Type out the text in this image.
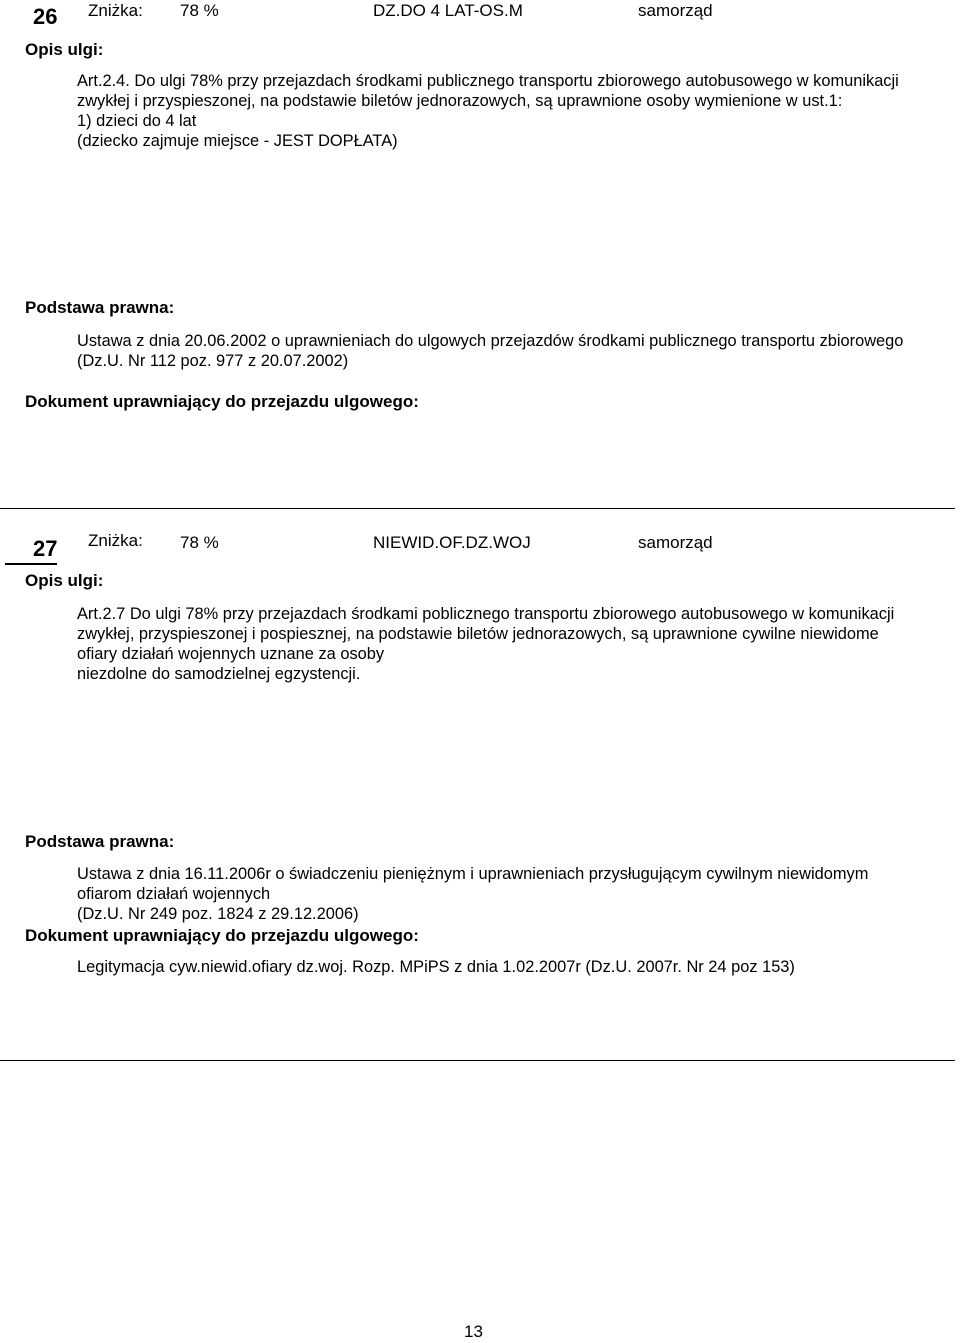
26 Zniżka: 78 %	DZ.DO 4 LAT-OS.M	samorząd
Opis ulgi:
Art.2.4. Do ulgi 78% przy przejazdach środkami publicznego transportu zbiorowego autobusowego w komunikacji
zwykłej i przyspieszonej, na podstawie biletów jednorazowych, są uprawnione osoby wymienione w ust.1:
1) dzieci do 4 lat
(dziecko zajmuje miejsce - JEST DOPŁATA)
Podstawa prawna:
Ustawa z dnia 20.06.2002 o uprawnieniach do ulgowych przejazdów środkami publicznego transportu zbiorowego
(Dz.U. Nr 112 poz. 977 z 20.07.2002)
Dokument uprawniający do przejazdu ulgowego:
27 Zniżka: 78 %	NIEWID.OF.DZ.WOJ	samorząd
Opis ulgi:
Art.2.7 Do ulgi 78% przy przejazdach środkami poblicznego transportu zbiorowego autobusowego w komunikacji
zwykłej, przyspieszonej i pospiesznej, na podstawie biletów jednorazowych, są uprawnione cywilne niewidome
ofiary działań wojennych uznane za osoby
niezdolne do samodzielnej egzystencji.
Podstawa prawna:
Ustawa z dnia 16.11.2006r o świadczeniu pieniężnym i uprawnieniach przysługującym cywilnym niewidomym
ofiarom działań wojennych
(Dz.U. Nr 249 poz. 1824 z 29.12.2006)
Dokument uprawniający do przejazdu ulgowego:
Legitymacja cyw.niewid.ofiary dz.woj. Rozp. MPiPS z dnia 1.02.2007r (Dz.U. 2007r. Nr 24 poz 153)
13
